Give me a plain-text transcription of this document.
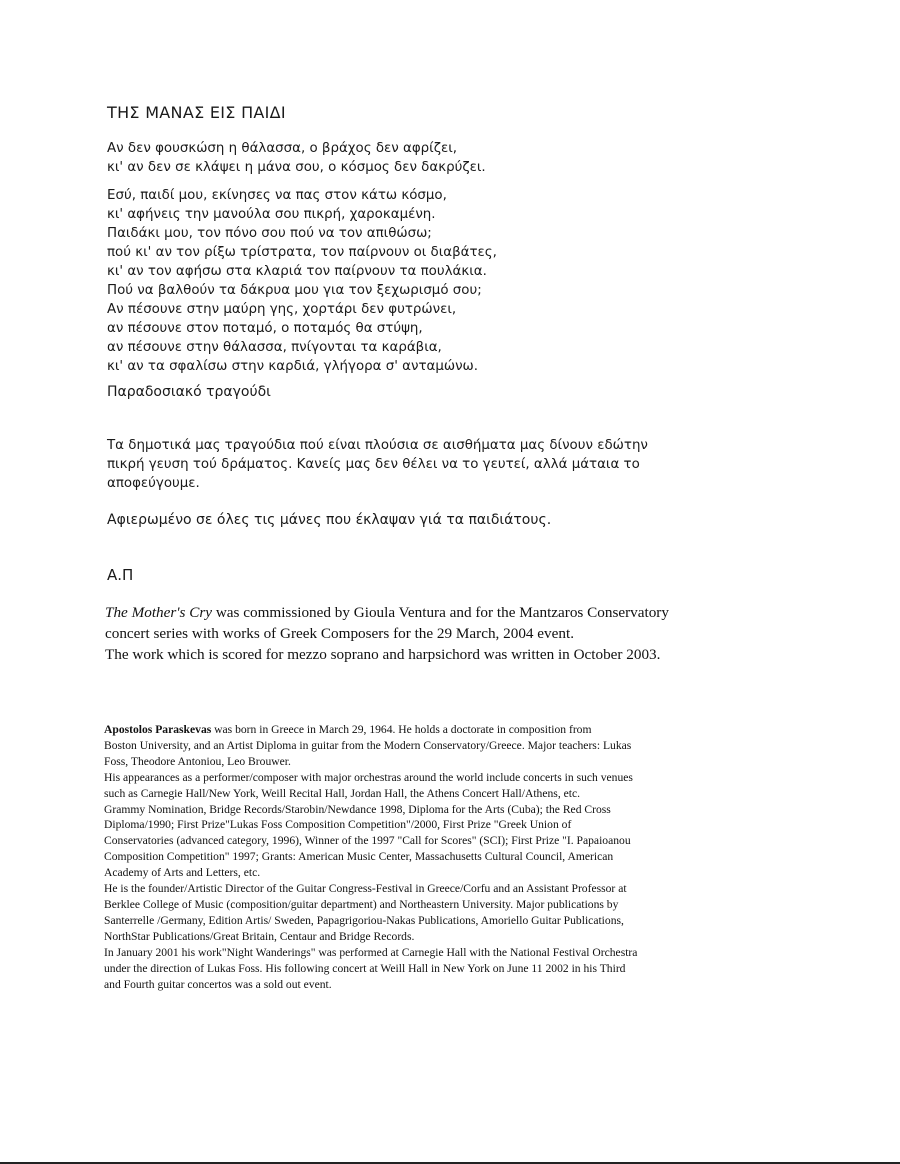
ΤΗΣ ΜΑΝΑΣ ΕΙΣ ΠΑΙΔΙ
Αν δεν φουσκώση η θάλασσα, ο βράχος δεν αφρίζει,
κι' αν δεν σε κλάψει η μάνα σου, ο κόσμος δεν δακρύζει.
Εσύ, παιδί μου, εκίνησες να πας στον κάτω κόσμο,
κι' αφήνεις την μανούλα σου πικρή, χαροκαμένη.
Παιδάκι μου, τον πόνο σου πού να τον απιθώσω;
πού κι' αν τον ρίξω τρίστρατα, τον παίρνουν οι διαβάτες,
κι' αν τον αφήσω στα κλαριά τον παίρνουν τα πουλάκια.
Πού να βαλθούν τα δάκρυα μου για τον ξεχωρισμό σου;
Αν πέσουνε στην μαύρη γης, χορτάρι δεν φυτρώνει,
αν πέσουνε στον ποταμό, ο ποταμός θα στύψη,
αν πέσουνε στην θάλασσα, πνίγονται τα καράβια,
κι' αν τα σφαλίσω στην καρδιά, γλήγορα σ' ανταμώνω.
Παραδοσιακό τραγούδι
Τα δημοτικά μας τραγούδια πού είναι πλούσια σε αισθήματα μας δίνουν εδώτην
πικρή γευση τού δράματος. Κανείς μας δεν θέλει να το γευτεί, αλλά μάταια το
αποφεύγουμε.
Αφιερωμένο σε όλες τις μάνες που έκλαψαν γιά τα παιδιάτους.
Α.Π
The Mother's Cry was commissioned by Gioula Ventura and for the Mantzaros Conservatory
concert series with works of Greek Composers for the 29 March, 2004 event.
The work which is scored for mezzo soprano and harpsichord was written in October 2003.
Apostolos Paraskevas was born in Greece in March 29, 1964. He holds a doctorate in composition from
Boston University, and an Artist Diploma in guitar from the Modern Conservatory/Greece. Major teachers: Lukas
Foss, Theodore Antoniou, Leo Brouwer.
His appearances as a performer/composer with major orchestras around the world include concerts in such venues
such as Carnegie Hall/New York, Weill Recital Hall, Jordan Hall, the Athens Concert Hall/Athens, etc.
Grammy Nomination, Bridge Records/Starobin/Newdance 1998, Diploma for the Arts (Cuba); the Red Cross
Diploma/1990; First Prize"Lukas Foss Composition Competition"/2000, First Prize "Greek Union of
Conservatories (advanced category, 1996), Winner of the 1997 "Call for Scores" (SCI); First Prize "I. Papaioanou
Composition Competition" 1997; Grants: American Music Center, Massachusetts Cultural Council, American
Academy of Arts and Letters, etc.
He is the founder/Artistic Director of the Guitar Congress-Festival in Greece/Corfu and an Assistant Professor at
Berklee College of Music (composition/guitar department) and Northeastern University. Major publications by
Santerrelle /Germany, Edition Artis/ Sweden, Papagrigoriou-Nakas Publications, Amoriello Guitar Publications,
NorthStar Publications/Great Britain, Centaur and Bridge Records.
In January 2001 his work"Night Wanderings" was performed at Carnegie Hall with the National Festival Orchestra
under the direction of Lukas Foss. His following concert at Weill Hall in New York on June 11 2002 in his Third
and Fourth guitar concertos was a sold out event.
